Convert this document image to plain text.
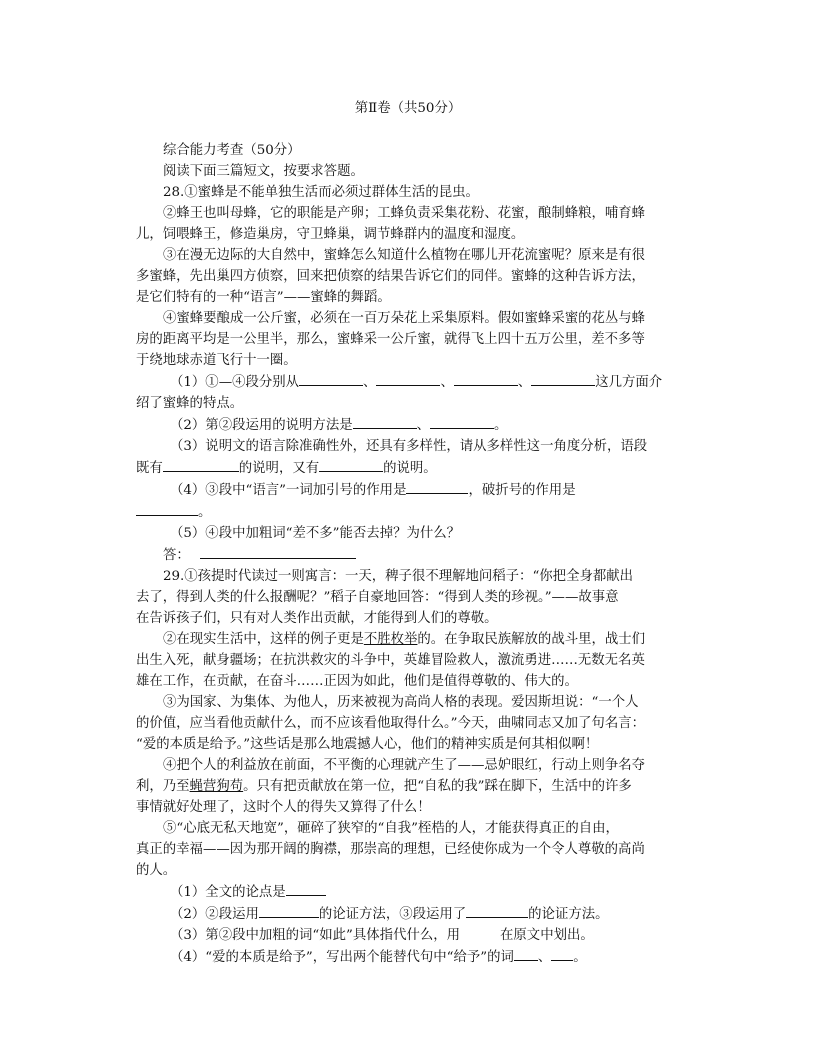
第Ⅱ卷（共50分）
综合能力考查（50分）
阅读下面三篇短文，按要求答题。
28.①蜜蜂是不能单独生活而必须过群体生活的昆虫。
②蜂王也叫母蜂，它的职能是产卵；工蜂负责采集花粉、花蜜，酿制蜂粮，哺育蜂
儿，饲喂蜂王，修造巢房，守卫蜂巢，调节蜂群内的温度和湿度。
③在漫无边际的大自然中，蜜蜂怎么知道什么植物在哪儿开花流蜜呢？原来是有很
多蜜蜂，先出巢四方侦察，回来把侦察的结果告诉它们的同伴。蜜蜂的这种告诉方法，
是它们特有的一种“语言”——蜜蜂的舞蹈。
④蜜蜂要酿成一公斤蜜，必须在一百万朵花上采集原料。假如蜜蜂采蜜的花丛与蜂
房的距离平均是一公里半，那么，蜜蜂采一公斤蜜，就得飞上四十五万公里，差不多等
于绕地球赤道飞行十一圈。
（1）①—④段分别从	、	、	、	这几方面介
绍了蜜蜂的特点。
（2）第②段运用的说明方法是	、	。
（3）说明文的语言除准确性外，还具有多样性，请从多样性这一角度分析，语段
既有	的说明，又有	的说明。
（4）③段中“语言”一词加引号的作用是	，破折号的作用是
。
（5）④段中加粗词“差不多”能否去掉？为什么？
答：
29.①孩提时代读过一则寓言：一天，稗子很不理解地问稻子：“你把全身都献出
去了，得到人类的什么报酬呢？”稻子自豪地回答：“得到人类的珍视。”——故事意
在告诉孩子们，只有对人类作出贡献，才能得到人们的尊敬。
②在现实生活中，这样的例子更是不胜枚举的。在争取民族解放的战斗里，战士们
出生入死，献身疆场；在抗洪救灾的斗争中，英雄冒险救人，激流勇进……无数无名英
雄在工作，在贡献，在奋斗……正因为如此，他们是值得尊敬的、伟大的。
③为国家、为集体、为他人，历来被视为高尚人格的表现。爱因斯坦说：“一个人
的价值，应当看他贡献什么，而不应该看他取得什么。”今天，曲啸同志又加了句名言：
“爱的本质是给予。”这些话是那么地震撼人心，他们的精神实质是何其相似啊！
④把个人的利益放在前面，不平衡的心理就产生了——忌妒眼红，行动上则争名夺
利，乃至蝇营狗苟。只有把贡献放在第一位，把“自私的我”踩在脚下，生活中的许多
事情就好处理了，这时个人的得失又算得了什么！
⑤“心底无私天地宽”，砸碎了狭窄的“自我”桎梏的人，才能获得真正的自由，
真正的幸福——因为那开阔的胸襟，那崇高的理想，已经使你成为一个令人尊敬的高尚
的人。
（1）全文的论点是
（2）②段运用	的论证方法，③段运用了	的论证方法。
（3）第②段中加粗的词“如此”具体指代什么，用	在原文中划出。
（4）“爱的本质是给予”，写出两个能替代句中“给予”的词 、 。
